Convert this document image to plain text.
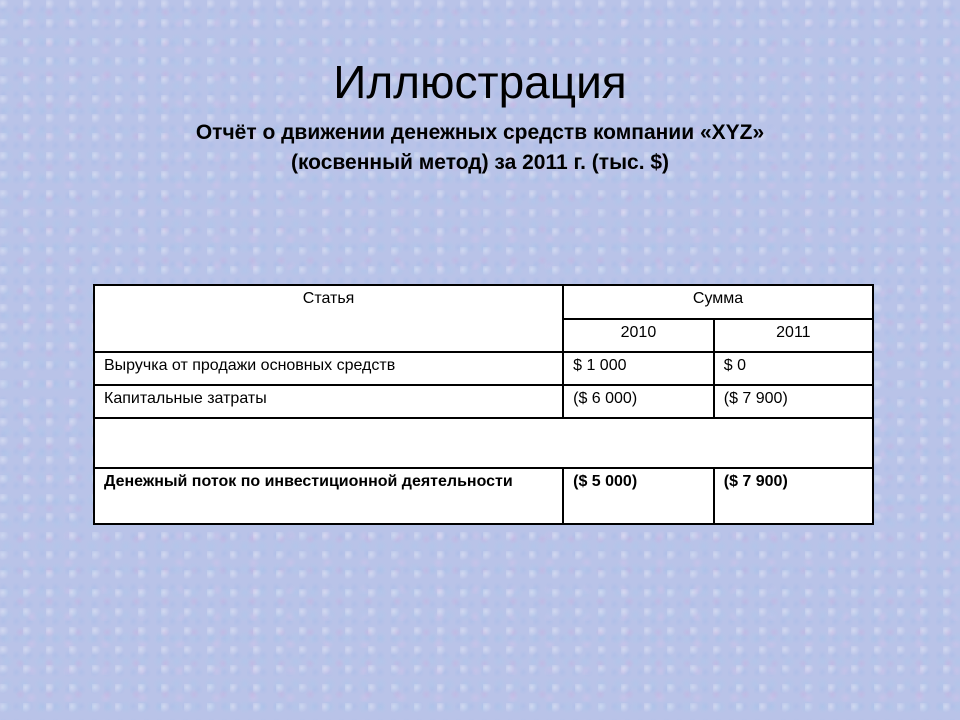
Иллюстрация
Отчёт о движении денежных средств компании «XYZ»
(косвенный метод) за 2011 г. (тыс. $)
Статья	Сумма	
	2010	2011
Выручка от продажи основных средств	$ 1 000	$ 0
Капитальные затраты	($ 6 000)	($ 7 900)

Денежный поток по инвестиционной деятельности	($ 5 000)	($ 7 900)
